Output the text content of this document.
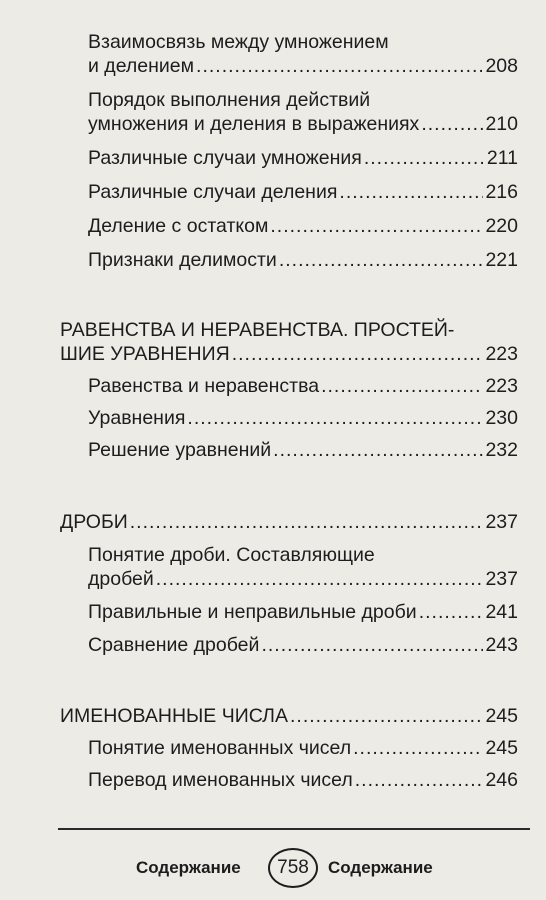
Взаимосвязь между умножением
и делением .....	208
Порядок выполнения действий
умножения и деления в выражениях .....	210
Различные случаи умножения .....	211
Различные случаи деления .....	216
Деление с остатком .....	220
Признаки делимости .....	221
РАВЕНСТВА И НЕРАВЕНСТВА. ПРОСТЕЙ-
ШИЕ УРАВНЕНИЯ .....	223
Равенства и неравенства .....	223
Уравнения .....	230
Решение уравнений .....	232
ДРОБИ .....	237
Понятие дроби. Составляющие
дробей .....	237
Правильные и неправильные дроби .....	241
Сравнение дробей .....	243
ИМЕНОВАННЫЕ ЧИСЛА .....	245
Понятие именованных чисел .....	245
Перевод именованных чисел .....	246
Содержание	758	Содержание
